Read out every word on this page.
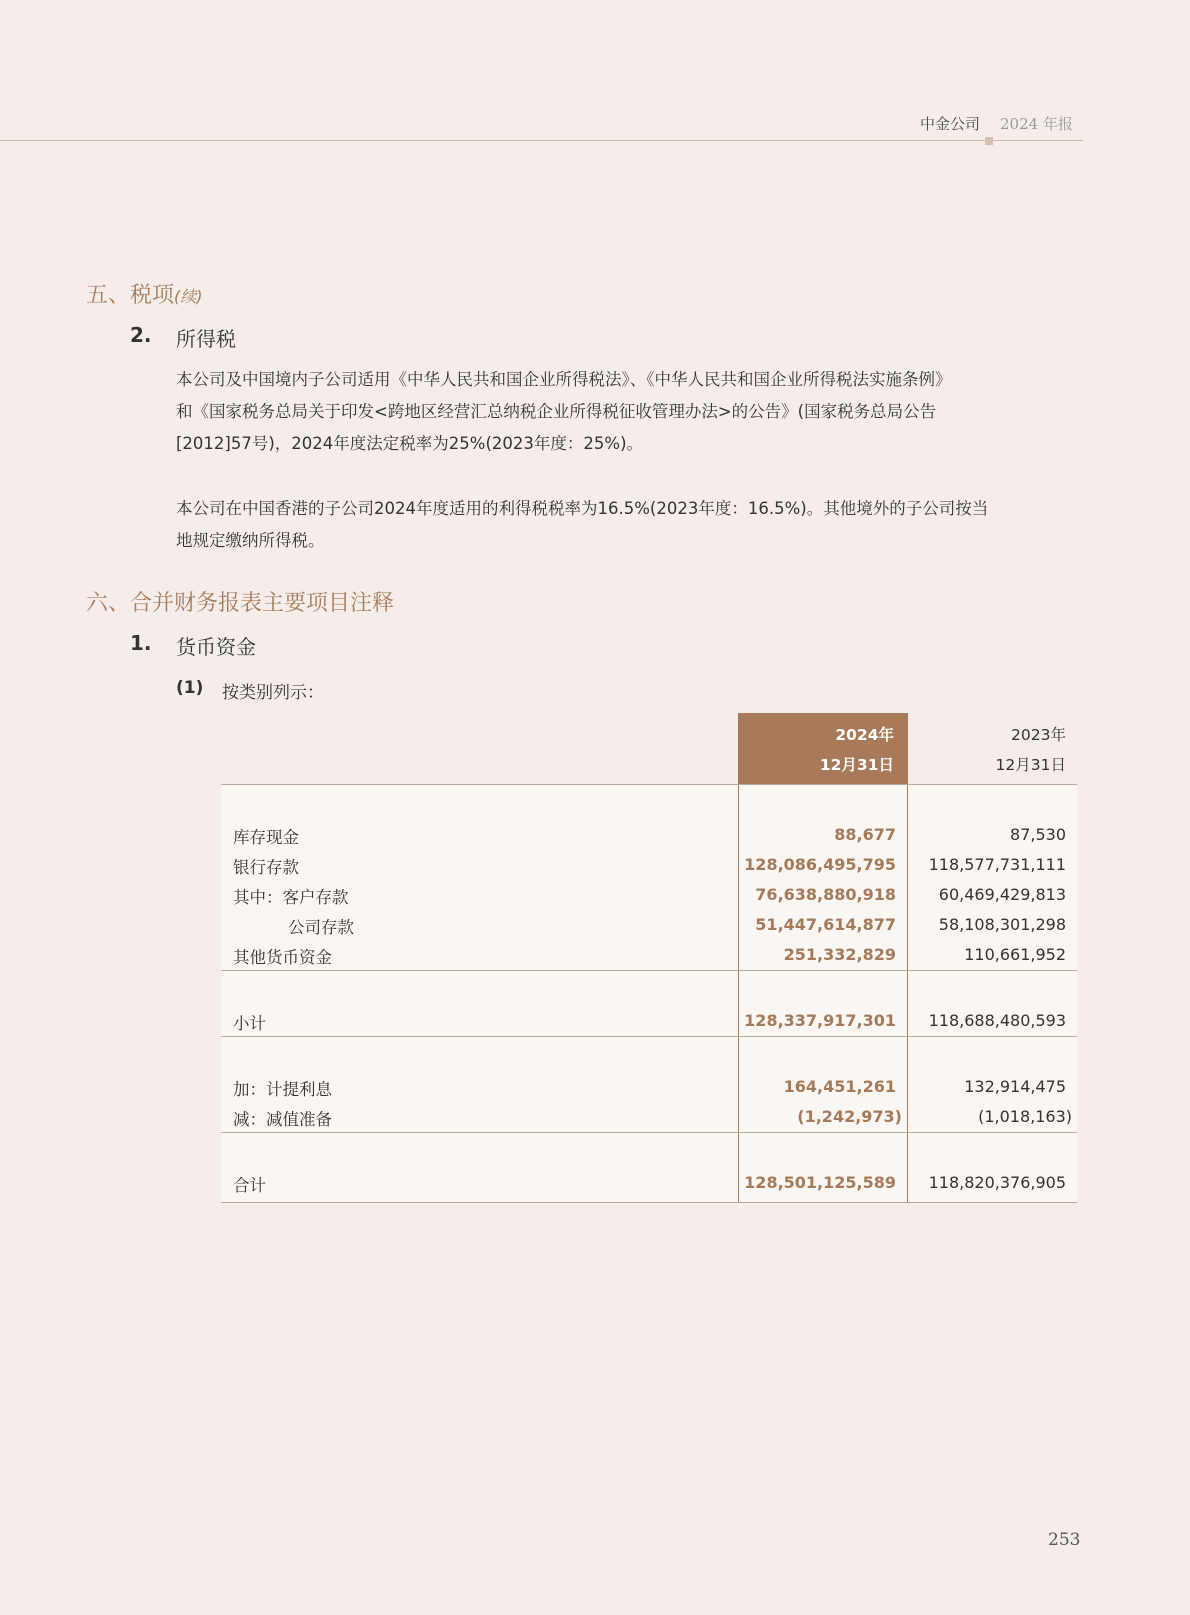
中金公司 2024 年报
五、税项(续)
2. 所得税
本公司及中国境内子公司适用《中华人民共和国企业所得税法》、《中华人民共和国企业所得税法实施条例》
和《国家税务总局关于印发<跨地区经营汇总纳税企业所得税征收管理办法>的公告》(国家税务总局公告
[2012]57号)，2024年度法定税率为25%(2023年度：25%)。
本公司在中国香港的子公司2024年度适用的利得税税率为16.5%(2023年度：16.5%)。其他境外的子公司按当
地规定缴纳所得税。
六、合并财务报表主要项目注释
1. 货币资金
(1) 按类别列示：
2024年
12月31日
2023年
12月31日
库存现金	88,677	87,530
银行存款	128,086,495,795 118,577,731,111
其中：客户存款	76,638,880,918	60,469,429,813
公司存款	51,447,614,877	58,108,301,298
其他货币资金	251,332,829	110,661,952
小计	128,337,917,301 118,688,480,593
加：计提利息	164,451,261	132,914,475
减：减值准备	(1,242,973)	(1,018,163)
合计	128,501,125,589 118,820,376,905
253
